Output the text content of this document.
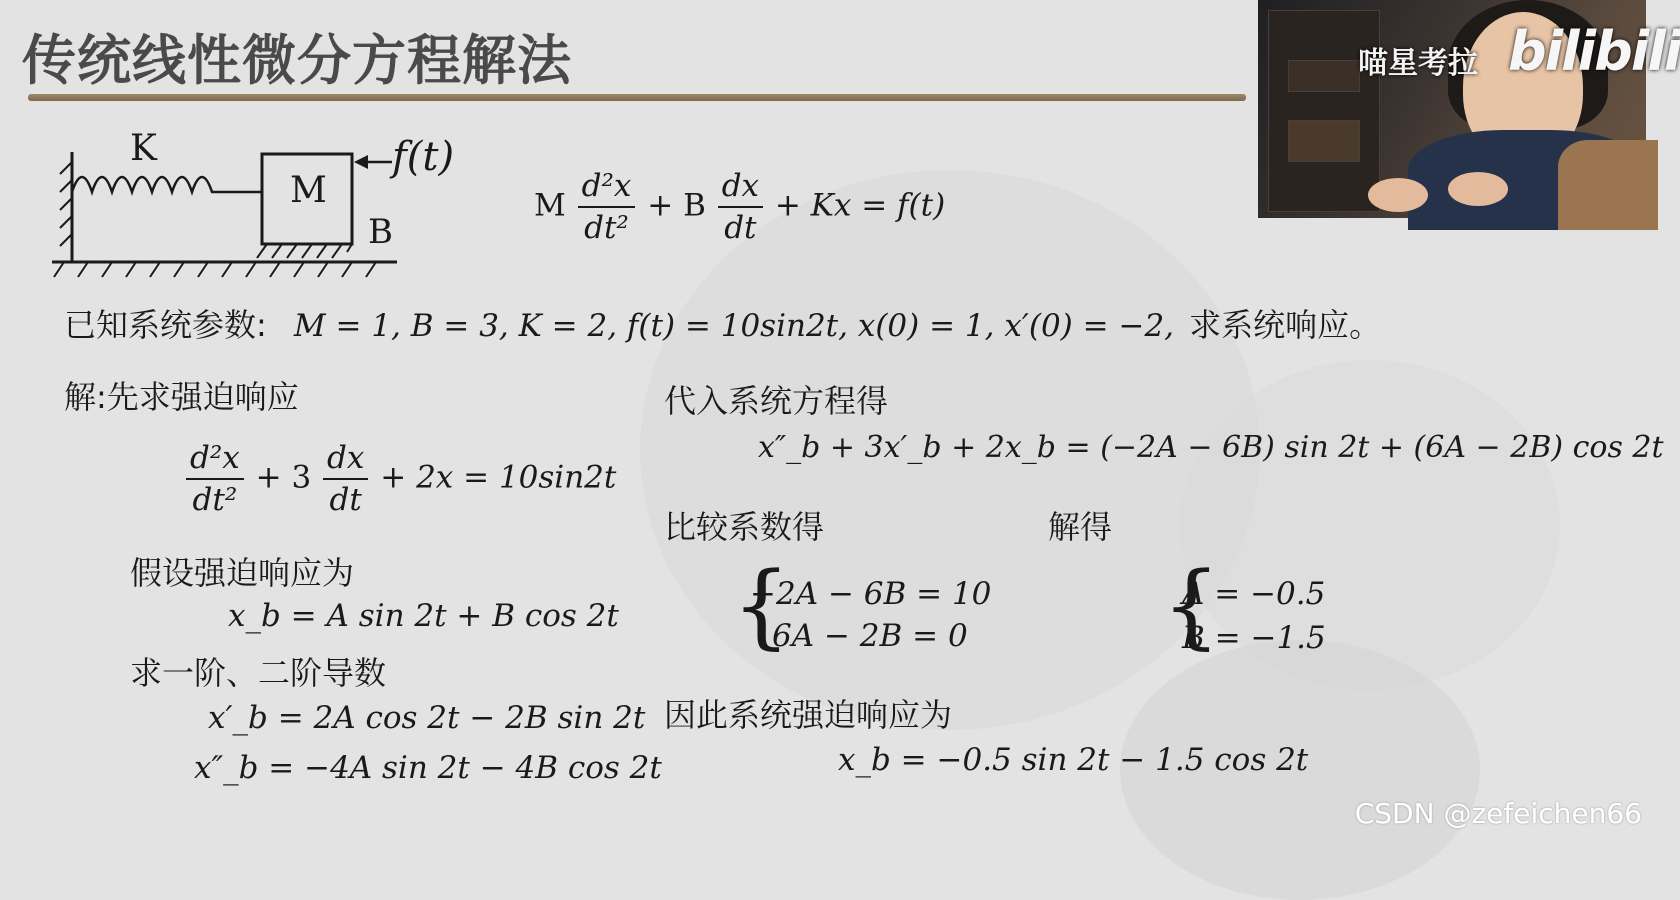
传统线性微分方程解法
K
M
f(t)
B
M $\frac{\text{d²x}}{\text{dt²}} + B \frac{dx}{dt} + Kx = f(t)$
已知系统参数: M = 1, B = 3, K = 2, f(t) = 10sin2t, x(0) = 1, x′(0) = −2, 求系统响应。
解:先求强迫响应
$\frac{\text{d²x}}{\text{dt²}} + 3 \frac{dx}{dt} + 2x = 10\sin 2t$
假设强迫响应为
x_b = A sin 2t + B cos 2t
求一阶、二阶导数
x′_b = 2A cos 2t − 2B sin 2t
x″_b = −4A sin 2t − 4B cos 2t
代入系统方程得
x″_b + 3x′_b + 2x_b = (−2A − 6B) sin 2t + (6A − 2B) cos 2t
比较系数得	解得
{
−2A − 6B = 10
6A − 2B = 0 {
A = −0.5
B = −1.5
因此系统强迫响应为
x_b = −0.5 sin 2t − 1.5 cos 2t
喵星考拉 bilibili
CSDN @zefeichen66
